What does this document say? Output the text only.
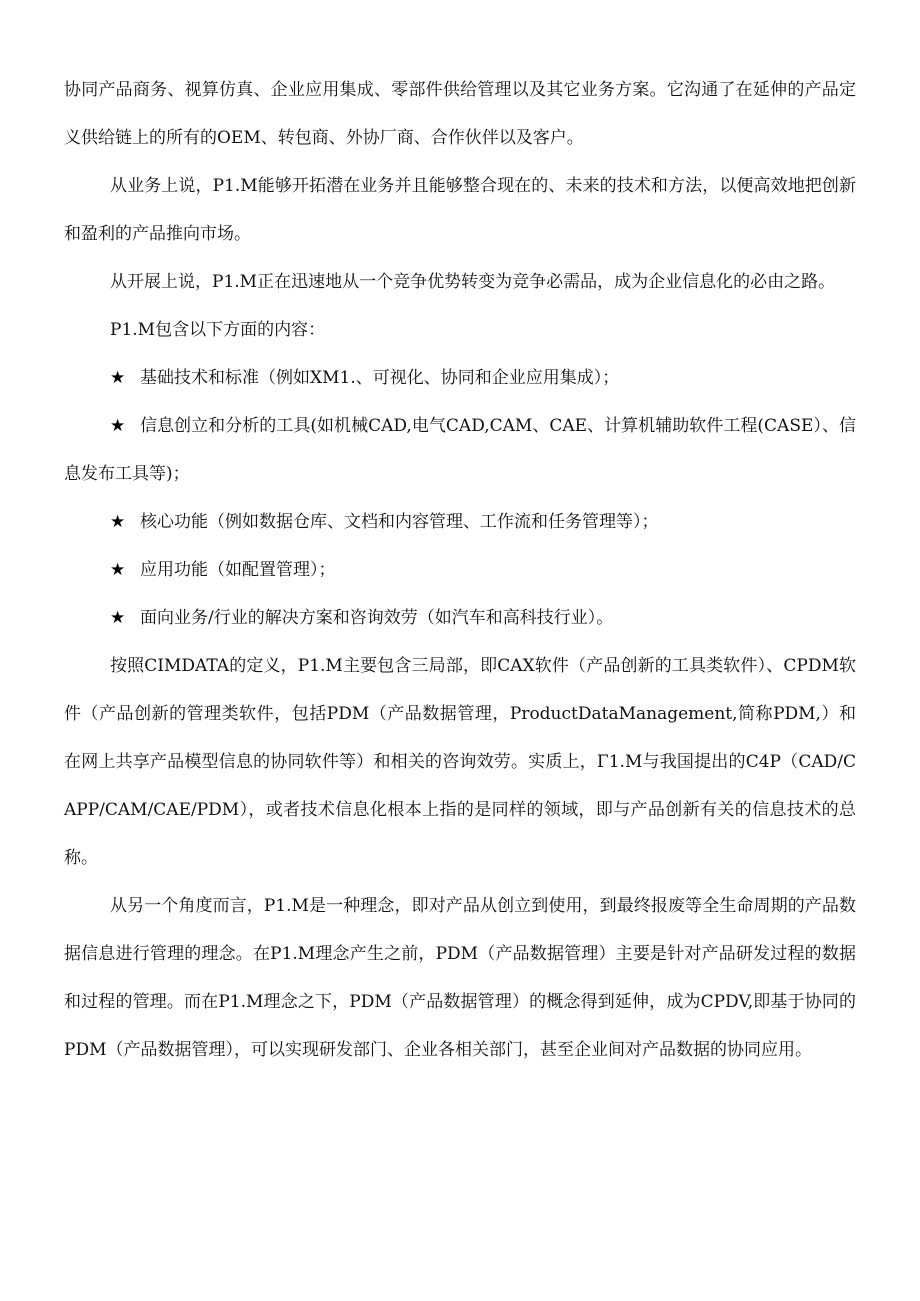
协同产品商务、视算仿真、企业应用集成、零部件供给管理以及其它业务方案。它沟通了在延伸的产品定义供给链上的所有的OEM、转包商、外协厂商、合作伙伴以及客户。

从业务上说，P1.M能够开拓潜在业务并且能够整合现在的、未来的技术和方法，以便高效地把创新和盈利的产品推向市场。

从开展上说，P1.M正在迅速地从一个竞争优势转变为竞争必需品，成为企业信息化的必由之路。

P1.M包含以下方面的内容：

★ 基础技术和标准（例如XM1.、可视化、协同和企业应用集成）；

★ 信息创立和分析的工具(如机械CAD,电气CAD,CAM、CAE、计算机辅助软件工程(CASE）、信息发布工具等)；

★ 核心功能（例如数据仓库、文档和内容管理、工作流和任务管理等）；

★ 应用功能（如配置管理）；

★ 面向业务/行业的解决方案和咨询效劳（如汽车和高科技行业）。

按照CIMDATA的定义，P1.M主要包含三局部，即CAX软件（产品创新的工具类软件）、CPDM软件（产品创新的管理类软件，包括PDM（产品数据管理，ProductDataManagement,简称PDM,）和在网上共享产品模型信息的协同软件等）和相关的咨询效劳。实质上，Γ1.M与我国提出的C4P（CAD/CAPP/CAM/CAE/PDM），或者技术信息化根本上指的是同样的领域，即与产品创新有关的信息技术的总称。

从另一个角度而言，P1.M是一种理念，即对产品从创立到使用，到最终报废等全生命周期的产品数据信息进行管理的理念。在P1.M理念产生之前，PDM（产品数据管理）主要是针对产品研发过程的数据和过程的管理。而在P1.M理念之下，PDM（产品数据管理）的概念得到延伸，成为CPDV,即基于协同的PDM（产品数据管理），可以实现研发部门、企业各相关部门，甚至企业间对产品数据的协同应用。
